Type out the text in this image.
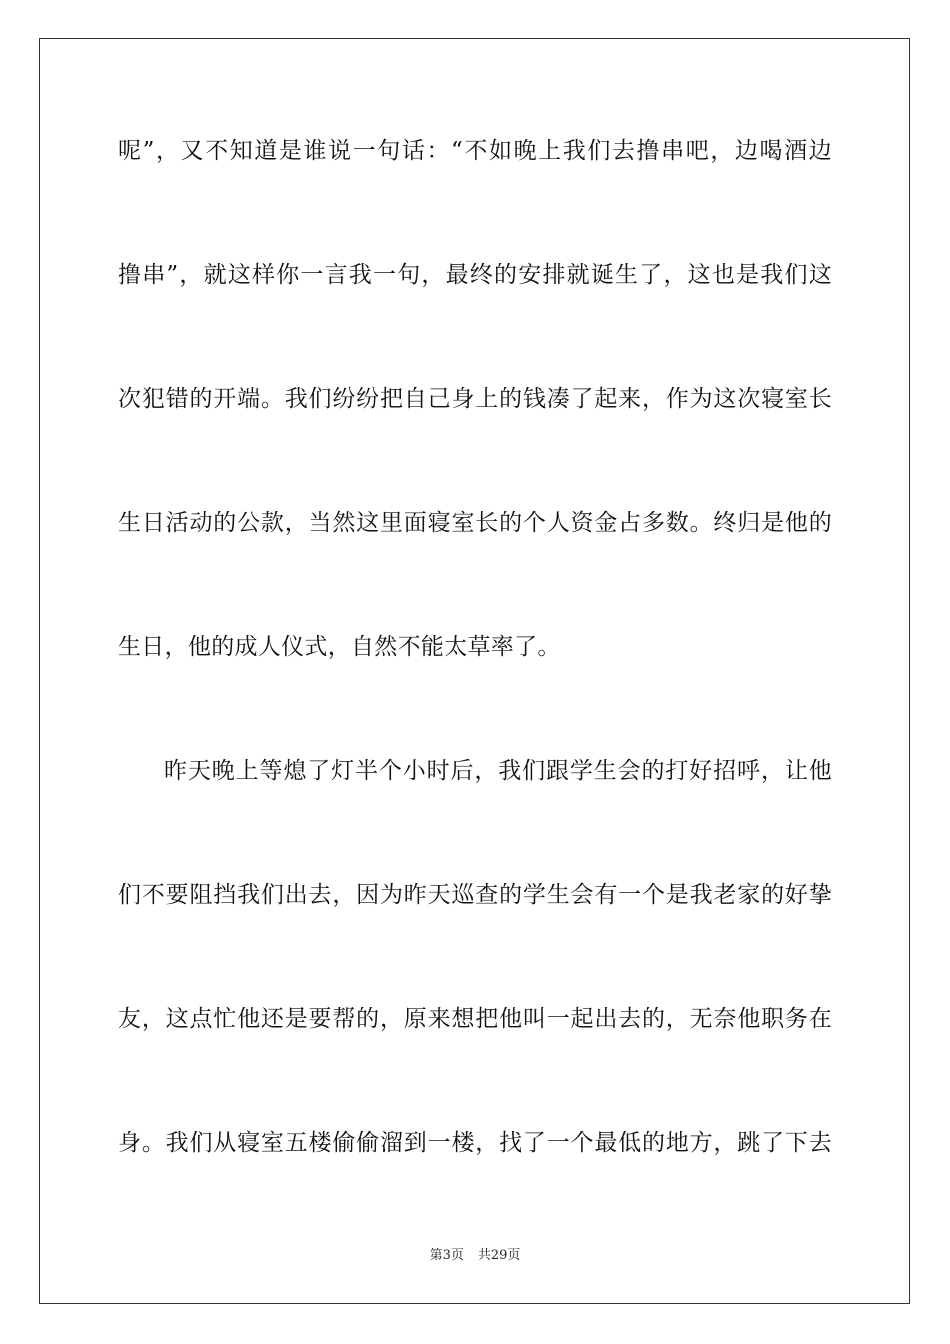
呢”，又不知道是谁说一句话：“不如晚上我们去撸串吧，边喝酒边
撸串”，就这样你一言我一句，最终的安排就诞生了，这也是我们这
次犯错的开端。我们纷纷把自己身上的钱凑了起来，作为这次寝室长
生日活动的公款，当然这里面寝室长的个人资金占多数。终归是他的
生日，他的成人仪式，自然不能太草率了。
昨天晚上等熄了灯半个小时后，我们跟学生会的打好招呼，让他
们不要阻挡我们出去，因为昨天巡查的学生会有一个是我老家的好挚
友，这点忙他还是要帮的，原来想把他叫一起出去的，无奈他职务在
身。我们从寝室五楼偷偷溜到一楼，找了一个最低的地方，跳了下去
第3页 共29页
